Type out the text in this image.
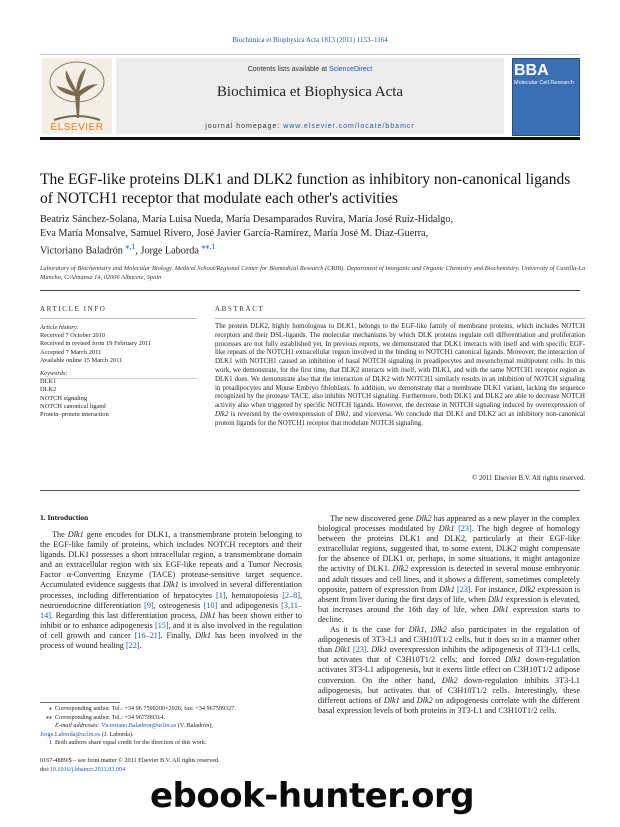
Biochimica et Biophysica Acta 1813 (2011) 1153–1164
ELSEVIER
Contents lists available at ScienceDirect
Biochimica et Biophysica Acta
journal homepage: www.elsevier.com/locate/bbamcr
BBA
Molecular Cell Research
The EGF-like proteins DLK1 and DLK2 function as inhibitory non-canonical ligands of NOTCH1 receptor that modulate each other's activities
Beatriz Sánchez-Solana, María Luisa Nueda, María Desamparados Ruvira, María José Ruiz-Hidalgo,
Eva María Monsalve, Samuel Rivero, José Javier García-Ramírez, María José M. Díaz-Guerra,
Victoriano Baladrón $^{⁎,1}$, Jorge Laborda $^{⁎⁎,1}$
Laboratory of Biochemistry and Molecular Biology. Medical School/Regional Center for Biomedical Research (CRIB). Department of Inorganic and Organic Chemistry and Biochemistry. University of Castilla-La Mancha, C/Almansa 14, 02006 Albacete, Spain
ARTICLE INFO	ABSTRACT
Article history:
Received 7 October 2010
Received in revised form 19 February 2011
Accepted 7 March 2011
Available online 15 March 2011
Keywords:
DLK1
DLK2
NOTCH signaling
NOTCH canonical ligand
Protein–protein interaction
The protein DLK2, highly homologous to DLK1, belongs to the EGF-like family of membrane proteins, which includes NOTCH receptors and their DSL-ligands. The molecular mechanisms by which DLK proteins regulate cell differentiation and proliferation processes are not fully established yet. In previous reports, we demonstrated that DLK1 interacts with itself and with specific EGF-like repeats of the NOTCH1 extracellular region involved in the binding to NOTCH1 canonical ligands. Moreover, the interaction of DLK1 with NOTCH1 caused an inhibition of basal NOTCH signaling in preadipocytes and mesenchymal multipotent cells. In this work, we demonstrate, for the first time, that DLK2 interacts with itself, with DLK1, and with the same NOTCH1 receptor region as DLK1 does. We demonstrate also that the interaction of DLK2 with NOTCH1 similarly results in an inhibition of NOTCH signaling in preadipocytes and Mouse Embryo fibloblasts. In addition, we demonstrate that a membrane DLK1 variant, lacking the sequence recognized by the protease TACE, also inhibits NOTCH signaling. Furthermore, both DLK1 and DLK2 are able to decrease NOTCH activity also when triggered by specific NOTCH ligands. However, the decrease in NOTCH signaling induced by overexpression of Dlk2 is reversed by the overexpression of Dlk1, and viceversa. We conclude that DLK1 and DLK2 act as inhibitory non-canonical protein ligands for the NOTCH1 receptor that modulate NOTCH signaling.
© 2011 Elsevier B.V. All rights reserved.
1. Introduction

The Dlk1 gene encodes for DLK1, a transmembrane protein belonging to the EGF-like family of proteins, which includes NOTCH receptors and their ligands. DLK1 possesses a short intracellular region, a transmembrane domain and an extracellular region with six EGF-like repeats and a Tumor Necrosis Factor α-Converting Enzyme (TACE) protease-sensitive target sequence. Accumulated evidence suggests that Dlk1 is involved in several differentiation processes, including differentiation of hepatocytes [1], hematopoiesis [2–8], neuroendocrine differentiation [9], osteogenesis [10] and adipogenesis [3,11–14]. Regarding this last differentiation process, Dlk1 has been shown either to inhibit or to enhance adipogenesis [15], and it is also involved in the regulation of cell growth and cancer [16–21]. Finally, Dlk1 has been involved in the process of wound healing [22].

The new discovered gene Dlk2 has appeared as a new player in the complex biological processes modulated by Dlk1 [23]. The high degree of homology between the proteins DLK1 and DLK2, particularly at their EGF-like extracellular regions, suggested that, to some extent, DLK2 might compensate for the absence of DLK1 or, perhaps, in some situations, it might antagonize the activity of DLK1. Dlk2 expression is detected in several mouse embryonic and adult tissues and cell lines, and it shows a different, sometimes completely opposite, pattern of expression from Dlk1 [23]. For instance, Dlk2 expression is absent from liver during the first days of life, when Dlk1 expression is elevated, but increases around the 16th day of life, when Dlk1 expression starts to decline.

As it is the case for Dlk1, Dlk2 also participates in the regulation of adipogenesis of 3T3-L1 and C3H10T1/2 cells, but it does so in a manner other than Dlk1 [23]. Dlk1 overexpression inhibits the adipogenesis of 3T3-L1 cells, but activates that of C3H10T1/2 cells; and forced Dlk1 down-regulation activates 3T3-L1 adipogenesis, but it exerts little effect on C3H10T1/2 adipose conversion. On the other hand, Dlk2 down-regulation inhibits 3T3-L1 adipogenesis, but activates that of C3H10T1/2 cells. Interestingly, these different actions of Dlk1 and Dlk2 on adipogenesis correlate with the different basal expression levels of both proteins in 3T3-L1 and C3H10T1/2 cells.

⁎ Corresponding author. Tel.: +34 96 7599200×2926; fax: +34 967599327.
⁎⁎ Corresponding author. Tel.: +34 967599314.
E-mail addresses: Victoriano.Baladron@uclm.es (V. Baladrón),
Jorge.Laborda@uclm.es (J. Laborda).
1 Both authors share equal credit for the direction of this work.
0167-4889/$ – see front matter © 2011 Elsevier B.V. All rights reserved.
doi:10.1016/j.bbamcr.2011.03.004
ebook-hunter.org
